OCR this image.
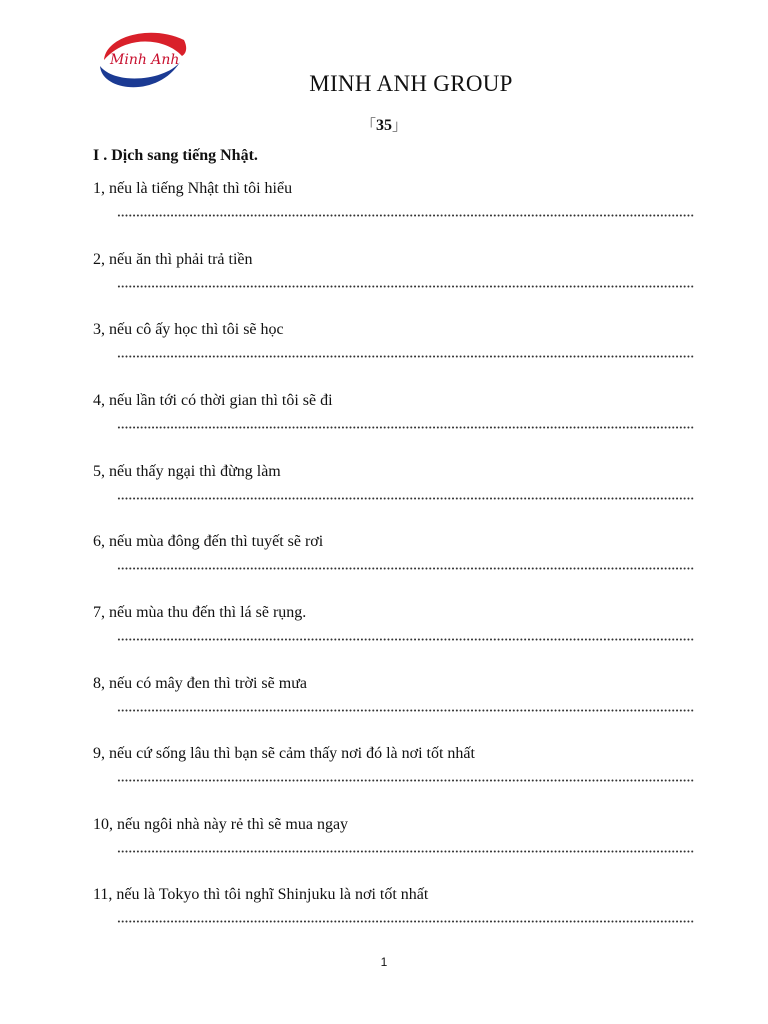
Minh Anh
MINH ANH GROUP
「35」
I . Dịch sang tiếng Nhật.
1, nếu là tiếng Nhật thì tôi hiểu
2, nếu ăn thì phải trả tiền
3, nếu cô ấy học thì tôi sẽ học
4, nếu lần tới có thời gian thì tôi sẽ đi
5, nếu thấy ngại thì đừng làm
6, nếu mùa đông đến thì tuyết sẽ rơi
7, nếu mùa thu đến thì lá sẽ rụng.
8, nếu có mây đen thì trời sẽ mưa
9, nếu cứ sống lâu thì bạn sẽ cảm thấy nơi đó là nơi tốt nhất
10, nếu ngôi nhà này rẻ thì sẽ mua ngay
11, nếu là Tokyo thì tôi nghĩ Shinjuku là nơi tốt nhất
1
